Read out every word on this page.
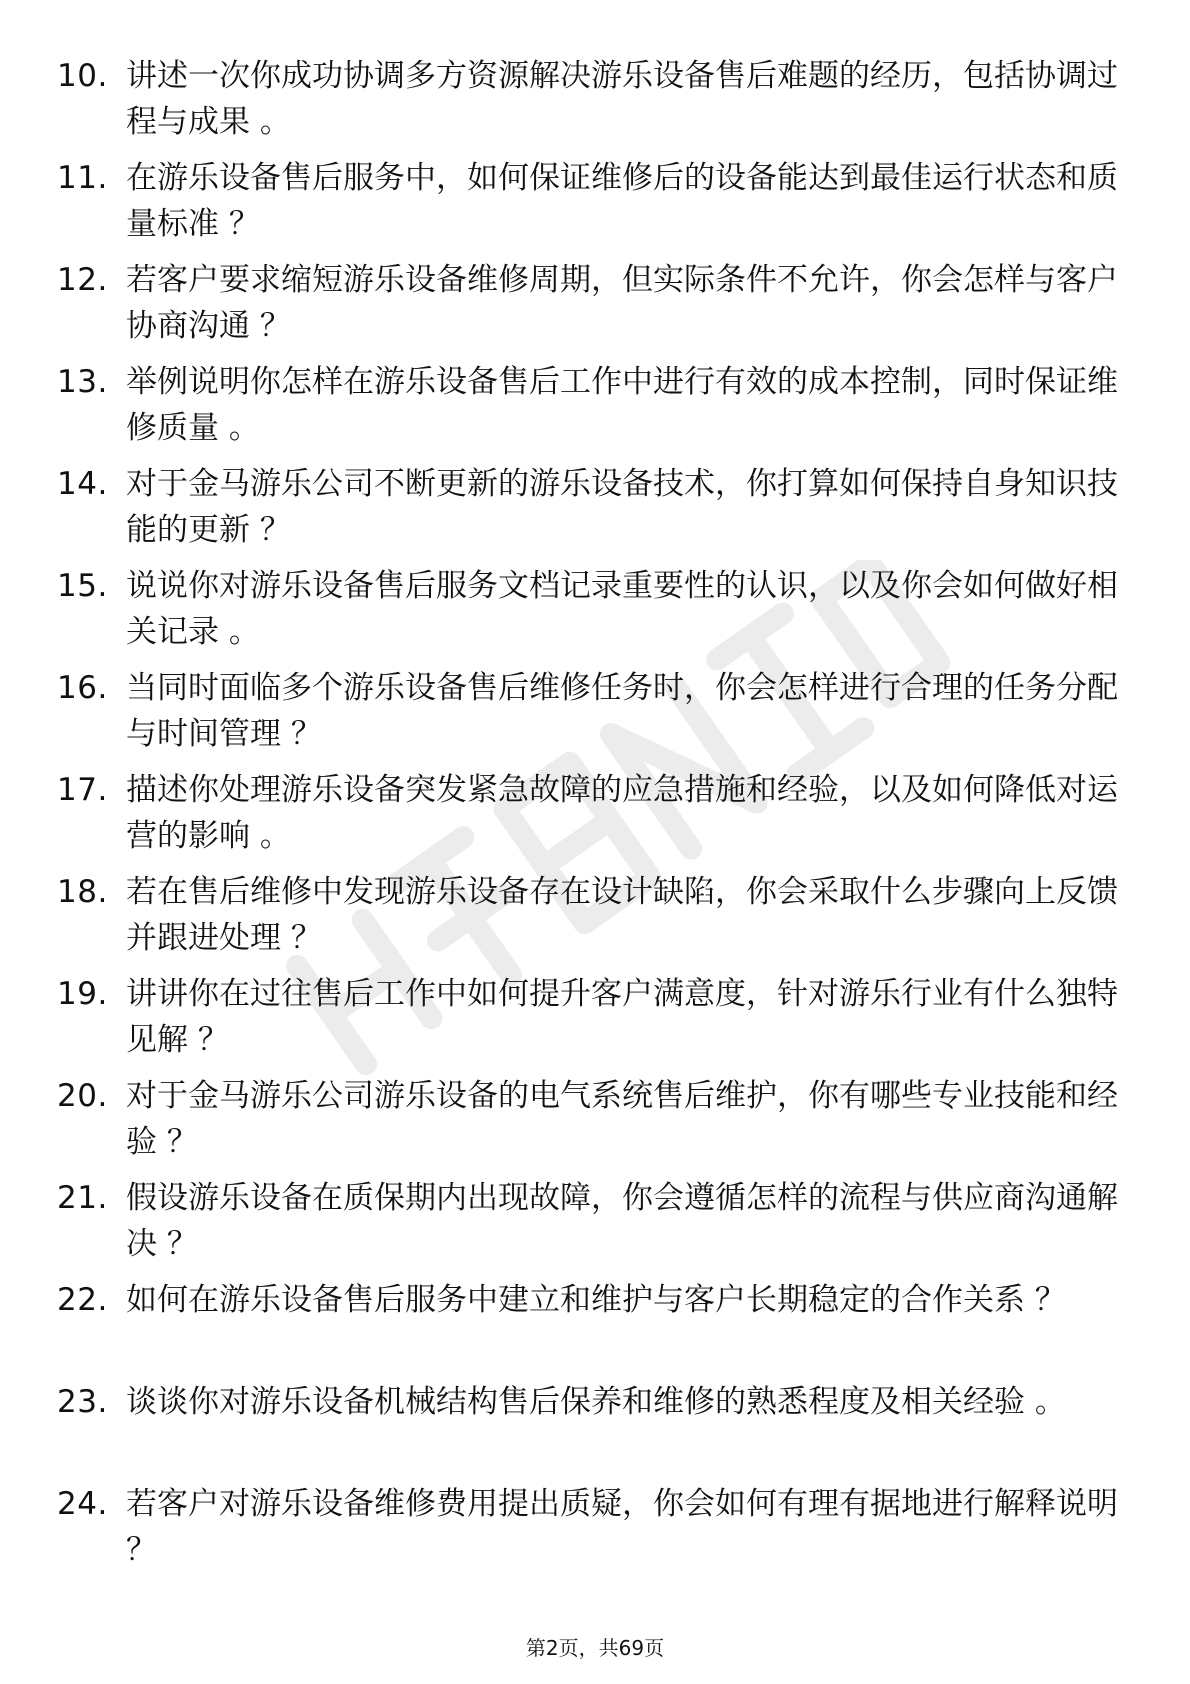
10. 讲述一次你成功协调多方资源解决游乐设备售后难题的经历，包括协调过程与成果 。
11. 在游乐设备售后服务中，如何保证维修后的设备能达到最佳运行状态和质量标准 ？
12. 若客户要求缩短游乐设备维修周期，但实际条件不允许，你会怎样与客户协商沟通 ？
13. 举例说明你怎样在游乐设备售后工作中进行有效的成本控制，同时保证维修质量 。
14. 对于金马游乐公司不断更新的游乐设备技术，你打算如何保持自身知识技能的更新 ？
15. 说说你对游乐设备售后服务文档记录重要性的认识，以及你会如何做好相关记录 。
16. 当同时面临多个游乐设备售后维修任务时，你会怎样进行合理的任务分配与时间管理 ？
17. 描述你处理游乐设备突发紧急故障的应急措施和经验，以及如何降低对运营的影响 。
18. 若在售后维修中发现游乐设备存在设计缺陷，你会采取什么步骤向上反馈并跟进处理 ？
19. 讲讲你在过往售后工作中如何提升客户满意度，针对游乐行业有什么独特见解 ？
20. 对于金马游乐公司游乐设备的电气系统售后维护，你有哪些专业技能和经验 ？
21. 假设游乐设备在质保期内出现故障，你会遵循怎样的流程与供应商沟通解决 ？
22. 如何在游乐设备售后服务中建立和维护与客户长期稳定的合作关系 ？
23. 谈谈你对游乐设备机械结构售后保养和维修的熟悉程度及相关经验 。
24. 若客户对游乐设备维修费用提出质疑，你会如何有理有据地进行解释说明 ？
第2页，共69页
